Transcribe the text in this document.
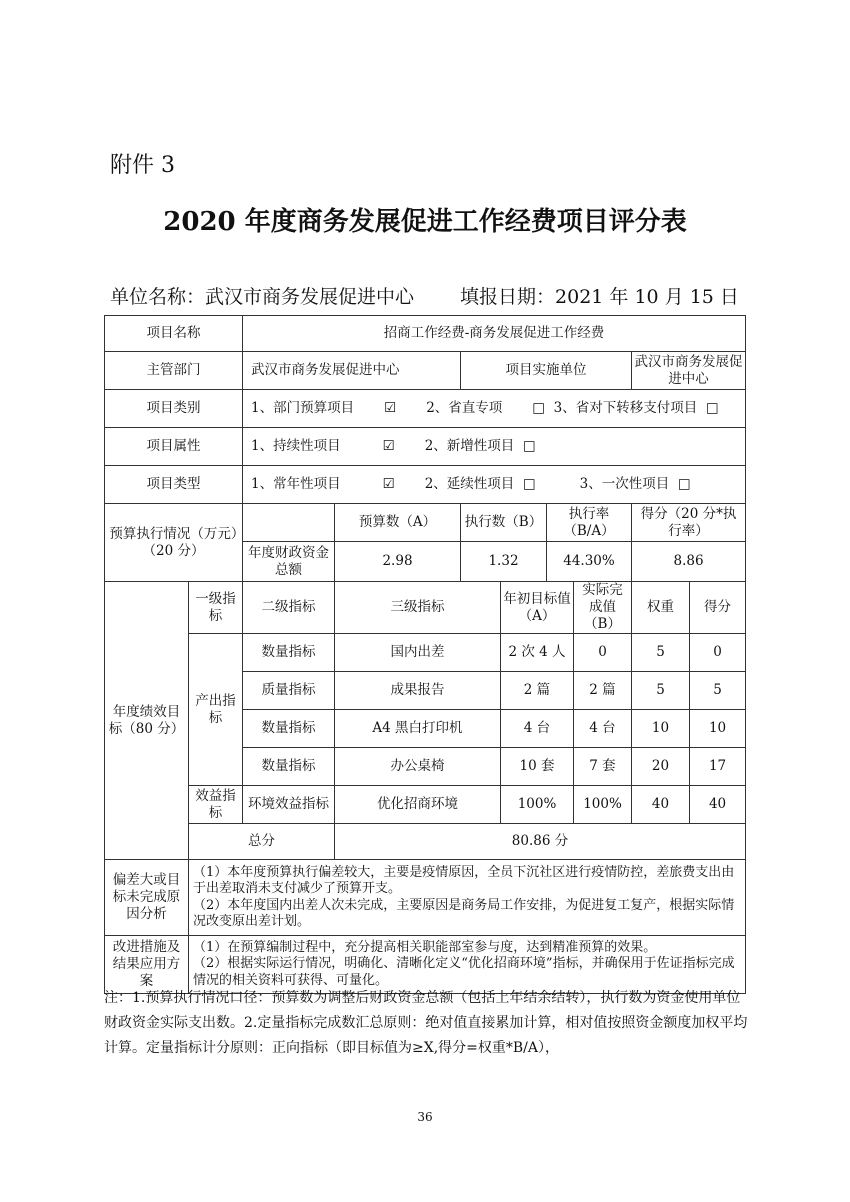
附件 3
2020 年度商务发展促进工作经费项目评分表
单位名称：武汉市商务发展促进中心 填报日期：2021 年 10 月 15 日
项目名称		招商工作经费-商务发展促进工作经费							
主管部门		武汉市商务发展促进中心		项目实施单位				武汉市商务发展促进中心	
项目类别		1、部门预算项目 ☑ 2、省直专项 □ 3、省对下转移支付项目 □							
项目属性		1、持续性项目 ☑ 2、新增性项目 □							
项目类型		1、常年性项目 ☑ 2、延续性项目 □ 3、一次性项目 □							
预算执行情况（万元）（20 分）			预算数（A）	执行数（B）		执行率（B/A）		得分（20 分*执行率）	
		年度财政资金总额	2.98	1.32		44.30%		8.86	
年度绩效目标（80 分）	一级指标	二级指标	三级指标		年初目标值（A）		实际完成值（B）	权重	得分
	产出指标	数量指标	国内出差		2 次 4 人		0	5	0
		质量指标	成果报告		2 篇		2 篇	5	5
		数量指标	A4 黑白打印机		4 台		4 台	10	10
		数量指标	办公桌椅		10 套		7 套	20	17
	效益指标	环境效益指标	优化招商环境		100%		100%	40	40
	总分		80.86 分						
偏差大或目标未完成原因分析	（1）本年度预算执行偏差较大，主要是疫情原因，全员下沉社区进行疫情防控，差旅费支出由于出差取消未支付减少了预算开支。
（2）本年度国内出差人次未完成，主要原因是商务局工作安排，为促进复工复产，根据实际情况改变原出差计划。								

改进措施及结果应用方案	（1）在预算编制过程中，充分提高相关职能部室参与度，达到精准预算的效果。
（2）根据实际运行情况，明确化、清晰化定义“优化招商环境”指标，并确保用于佐证指标完成情况的相关资料可获得、可量化。								
注：1.预算执行情况口径：预算数为调整后财政资金总额（包括上年结余结转），执行数为资金使用单位财政资金实际支出数。2.定量指标完成数汇总原则：绝对值直接累加计算，相对值按照资金额度加权平均计算。定量指标计分原则：正向指标（即目标值为≥X,得分=权重*B/A），
36
